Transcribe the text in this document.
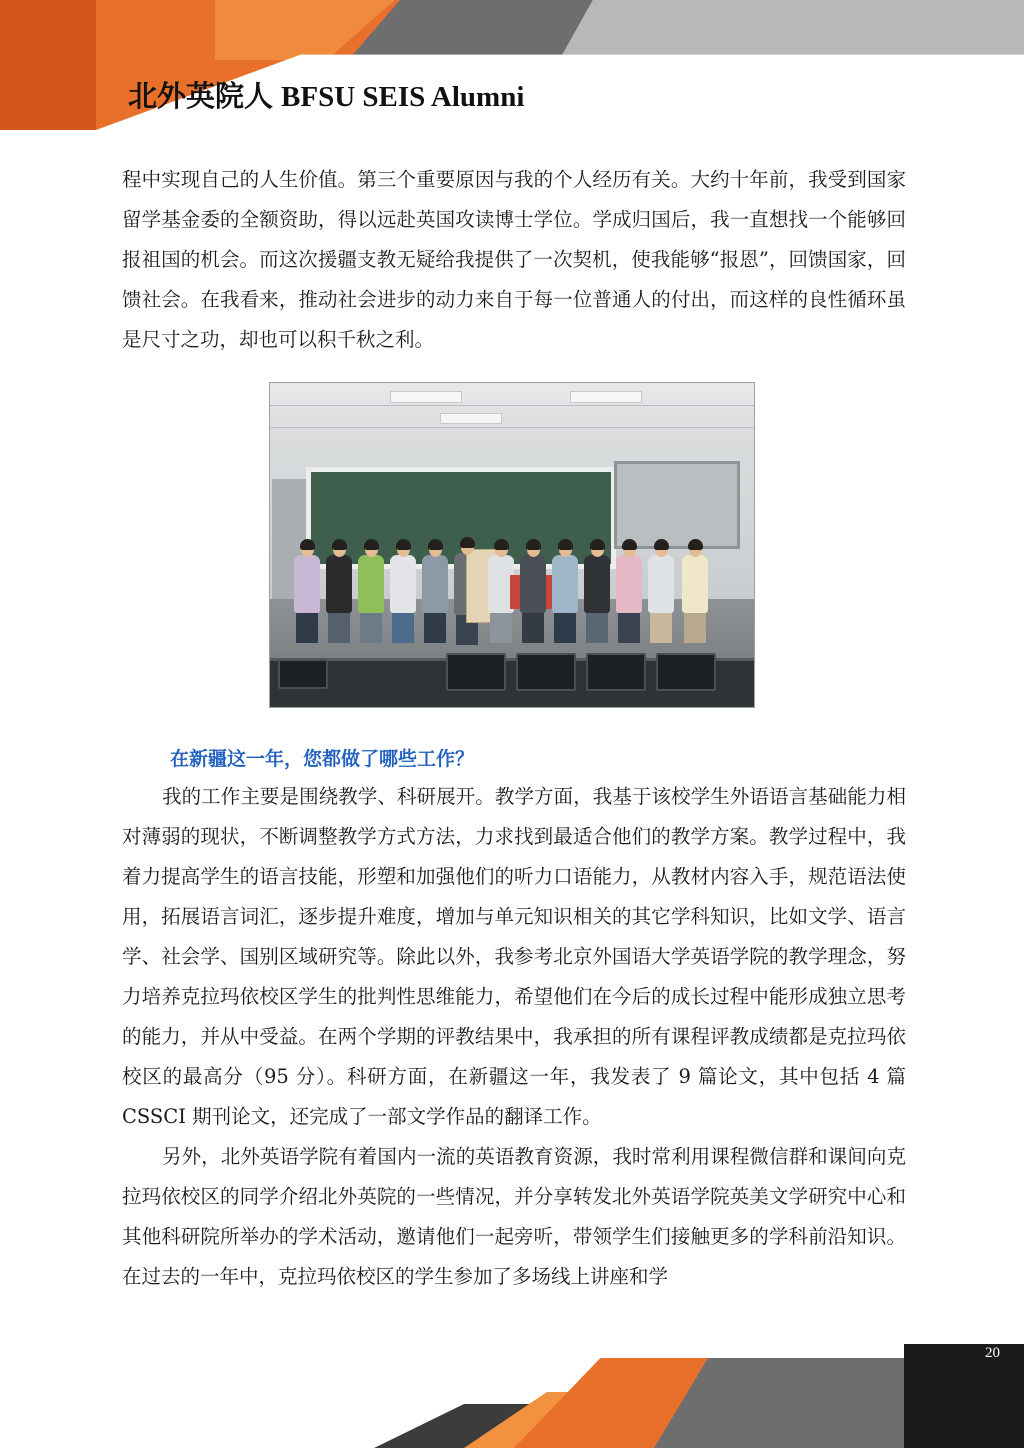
北外英院人 BFSU SEIS Alumni

程中实现自己的人生价值。第三个重要原因与我的个人经历有关。大约十年前，我受到国家留学基金委的全额资助，得以远赴英国攻读博士学位。学成归国后，我一直想找一个能够回报祖国的机会。而这次援疆支教无疑给我提供了一次契机，使我能够“报恩”，回馈国家，回馈社会。在我看来，推动社会进步的动力来自于每一位普通人的付出，而这样的良性循环虽是尺寸之功，却也可以积千秋之利。

在新疆这一年，您都做了哪些工作？

我的工作主要是围绕教学、科研展开。教学方面，我基于该校学生外语语言基础能力相对薄弱的现状，不断调整教学方式方法，力求找到最适合他们的教学方案。教学过程中，我着力提高学生的语言技能，形塑和加强他们的听力口语能力，从教材内容入手，规范语法使用，拓展语言词汇，逐步提升难度，增加与单元知识相关的其它学科知识，比如文学、语言学、社会学、国别区域研究等。除此以外，我参考北京外国语大学英语学院的教学理念，努力培养克拉玛依校区学生的批判性思维能力，希望他们在今后的成长过程中能形成独立思考的能力，并从中受益。在两个学期的评教结果中，我承担的所有课程评教成绩都是克拉玛依校区的最高分（95 分）。科研方面，在新疆这一年，我发表了 9 篇论文，其中包括 4 篇 CSSCI 期刊论文，还完成了一部文学作品的翻译工作。

另外，北外英语学院有着国内一流的英语教育资源，我时常利用课程微信群和课间向克拉玛依校区的同学介绍北外英院的一些情况，并分享转发北外英语学院英美文学研究中心和其他科研院所举办的学术活动，邀请他们一起旁听，带领学生们接触更多的学科前沿知识。在过去的一年中，克拉玛依校区的学生参加了多场线上讲座和学

20
